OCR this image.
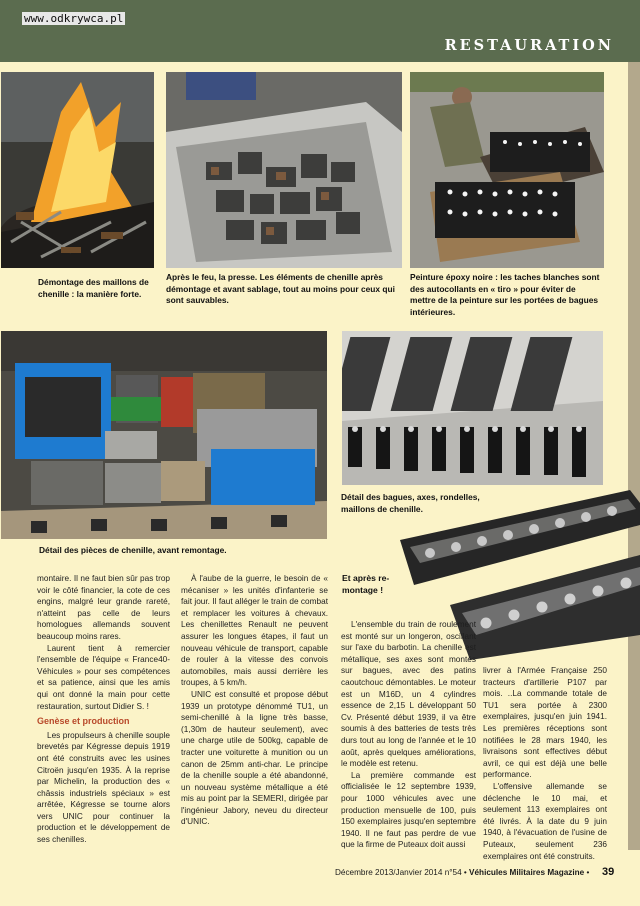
www.odkrywca.pl
RESTAURATION
Démontage des maillons de chenille : la manière forte.
Après le feu, la presse. Les éléments de chenille après démontage et avant sablage, tout au moins pour ceux qui sont sauvables.
Peinture époxy noire : les taches blanches sont des autocollants en « tiro » pour éviter de mettre de la peinture sur les portées de bagues intérieures.
Détail des pièces de chenille, avant remontage.
Détail des bagues, axes, rondelles, maillons de chenille.
Et après re-
montage !

montaire. Il ne faut bien sûr pas trop voir le côté financier, la cote de ces engins, malgré leur grande rareté, n'atteint pas celle de leurs homologues allemands souvent beaucoup moins rares.

Laurent tient à remercier l'ensemble de l'équipe « France40-Véhicules » pour ses compétences et sa patience, ainsi que les amis qui ont donné la main pour cette restauration, surtout Didier S. !

Genèse et production

Les propulseurs à chenille souple brevetés par Kégresse depuis 1919 ont été construits avec les usines Citroën jusqu'en 1935. À la reprise par Michelin, la production des « châssis industriels spéciaux » est arrêtée, Kégresse se tourne alors vers UNIC pour continuer la production et le développement de ses chenilles.

À l'aube de la guerre, le besoin de « mécaniser » les unités d'infanterie se fait jour. Il faut alléger le train de combat et remplacer les voitures à chevaux. Les chenillettes Renault ne peuvent assurer les longues étapes, il faut un nouveau véhicule de transport, capable de rouler à la vitesse des convois automobiles, mais aussi derrière les troupes, à 5 km/h.

UNIC est consulté et propose début 1939 un prototype dénommé TU1, un semi-chenillé à la ligne très basse, (1,30m de hauteur seulement), avec une charge utile de 500kg, capable de tracter une voiturette à munition ou un canon de 25mm anti-char. Le principe de la chenille souple a été abandonné, un nouveau système métallique a été mis au point par la SEMERI, dirigée par l'ingénieur Jabory, neveu du directeur d'UNIC.

L'ensemble du train de roulement est monté sur un longeron, oscillant sur l'axe du barbotin. La chenille est métallique, ses axes sont montés sur bagues, avec des patins caoutchouc démontables. Le moteur est un M16D, un 4 cylindres essence de 2,15 L développant 50 Cv. Présenté début 1939, il va être soumis à des batteries de tests très durs tout au long de l'année et le 10 août, après quelques améliorations, le modèle est retenu.

La première commande est officialisée le 12 septembre 1939, pour 1000 véhicules avec une production mensuelle de 100, puis 150 exemplaires jusqu'en septembre 1940. Il ne faut pas perdre de vue que la firme de Puteaux doit aussi

livrer à l'Armée Française 250 tracteurs d'artillerie P107 par mois. ..La commande totale de TU1 sera portée à 2300 exemplaires, jusqu'en juin 1941. Les premières réceptions sont notifiées le 28 mars 1940, les livraisons sont effectives début avril, ce qui est déjà une belle performance.

L'offensive allemande se déclenche le 10 mai, et seulement 113 exemplaires ont été livrés. À la date du 9 juin 1940, à l'évacuation de l'usine de Puteaux, seulement 236 exemplaires ont été construits.

Décembre 2013/Janvier 2014 n°54 • Véhicules Militaires Magazine • 39
